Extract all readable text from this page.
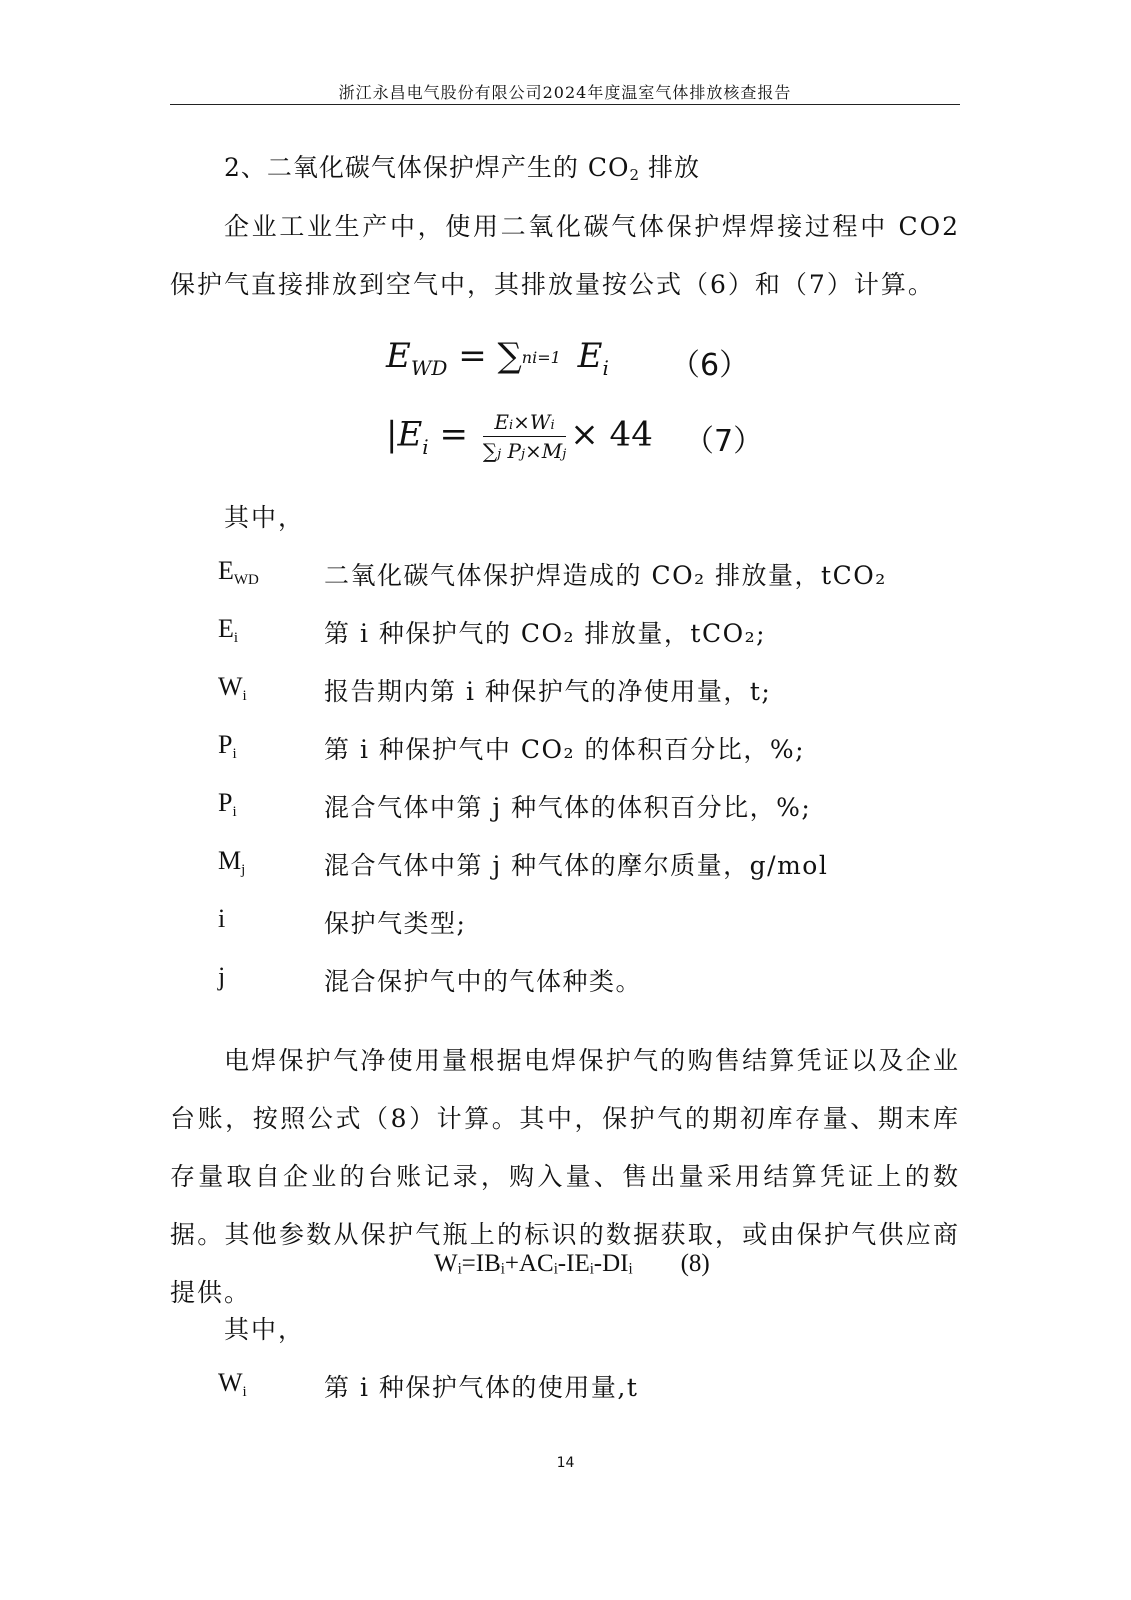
浙江永昌电气股份有限公司2024年度温室气体排放核查报告
2、二氧化碳气体保护焊产生的 CO2 排放
企业工业生产中，使用二氧化碳气体保护焊焊接过程中 CO2 保护气直接排放到空气中，其排放量按公式（6）和（7）计算。
$E_{WD} = \sum ni=1$ $E_i$ （6）
$|E_i = \frac{Ei\times Wi}{\text{∑j Pj×Mj}} \times 44$ （7）
其中，
EWD	二氧化碳气体保护焊造成的 CO₂ 排放量，tCO₂
Ei	第 i 种保护气的 CO₂ 排放量，tCO₂;
Wi	报告期内第 i 种保护气的净使用量，t;
Pi	第 i 种保护气中 CO₂ 的体积百分比，%;
Pi	混合气体中第 j 种气体的体积百分比，%;
Mj	混合气体中第 j 种气体的摩尔质量，g/mol
i	保护气类型;
j	混合保护气中的气体种类。
电焊保护气净使用量根据电焊保护气的购售结算凭证以及企业台账，按照公式（8）计算。其中，保护气的期初库存量、期末库存量取自企业的台账记录，购入量、售出量采用结算凭证上的数据。其他参数从保护气瓶上的标识的数据获取，或由保护气供应商提供。
Wᵢ=IBᵢ+ACᵢ-IEᵢ-DIᵢ (8)
其中，
Wi	第 i 种保护气体的使用量,t
14
